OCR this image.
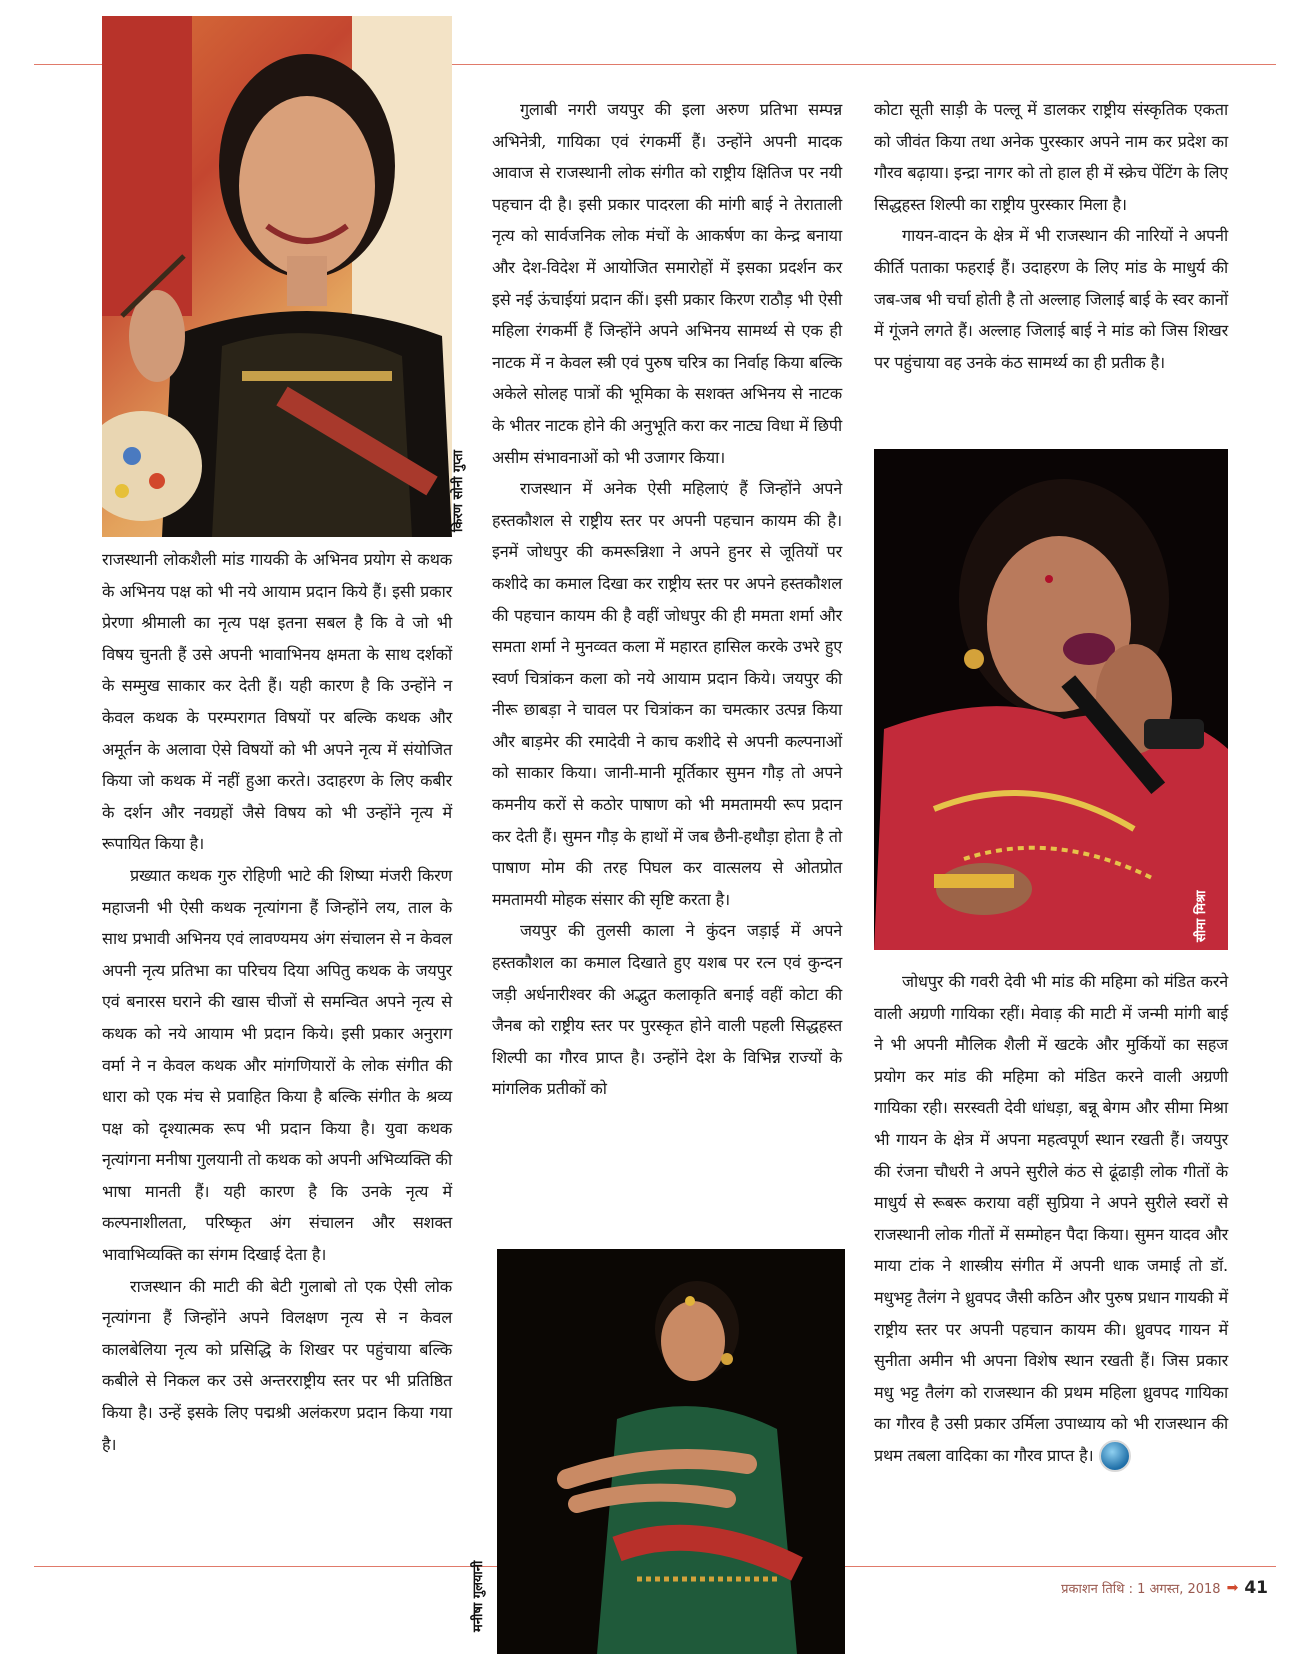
किरण सोनी गुप्ता
सीमा मिश्रा
मनीषा गुलयानी

राजस्थानी लोकशैली मांड गायकी के अभिनव प्रयोग से कथक के अभिनय पक्ष को भी नये आयाम प्रदान किये हैं। इसी प्रकार प्रेरणा श्रीमाली का नृत्य पक्ष इतना सबल है कि वे जो भी विषय चुनती हैं उसे अपनी भावाभिनय क्षमता के साथ दर्शकों के सम्मुख साकार कर देती हैं। यही कारण है कि उन्होंने न केवल कथक के परम्परागत विषयों पर बल्कि कथक और अमूर्तन के अलावा ऐसे विषयों को भी अपने नृत्य में संयोजित किया जो कथक में नहीं हुआ करते। उदाहरण के लिए कबीर के दर्शन और नवग्रहों जैसे विषय को भी उन्होंने नृत्य में रूपायित किया है।

प्रख्यात कथक गुरु रोहिणी भाटे की शिष्या मंजरी किरण महाजनी भी ऐसी कथक नृत्यांगना हैं जिन्होंने लय, ताल के साथ प्रभावी अभिनय एवं लावण्यमय अंग संचालन से न केवल अपनी नृत्य प्रतिभा का परिचय दिया अपितु कथक के जयपुर एवं बनारस घराने की खास चीजों से समन्वित अपने नृत्य से कथक को नये आयाम भी प्रदान किये। इसी प्रकार अनुराग वर्मा ने न केवल कथक और मांगणियारों के लोक संगीत की धारा को एक मंच से प्रवाहित किया है बल्कि संगीत के श्रव्य पक्ष को दृश्यात्मक रूप भी प्रदान किया है। युवा कथक नृत्यांगना मनीषा गुलयानी तो कथक को अपनी अभिव्यक्ति की भाषा मानती हैं। यही कारण है कि उनके नृत्य में कल्पनाशीलता, परिष्कृत अंग संचालन और सशक्त भावाभिव्यक्ति का संगम दिखाई देता है।

राजस्थान की माटी की बेटी गुलाबो तो एक ऐसी लोक नृत्यांगना हैं जिन्होंने अपने विलक्षण नृत्य से न केवल कालबेलिया नृत्य को प्रसिद्धि के शिखर पर पहुंचाया बल्कि कबीले से निकल कर उसे अन्तरराष्ट्रीय स्तर पर भी प्रतिष्ठित किया है। उन्हें इसके लिए पद्मश्री अलंकरण प्रदान किया गया है।

गुलाबी नगरी जयपुर की इला अरुण प्रतिभा सम्पन्न अभिनेत्री, गायिका एवं रंगकर्मी हैं। उन्होंने अपनी मादक आवाज से राजस्थानी लोक संगीत को राष्ट्रीय क्षितिज पर नयी पहचान दी है। इसी प्रकार पादरला की मांगी बाई ने तेराताली नृत्य को सार्वजनिक लोक मंचों के आकर्षण का केन्द्र बनाया और देश-विदेश में आयोजित समारोहों में इसका प्रदर्शन कर इसे नई ऊंचाईयां प्रदान कीं। इसी प्रकार किरण राठौड़ भी ऐसी महिला रंगकर्मी हैं जिन्होंने अपने अभिनय सामर्थ्य से एक ही नाटक में न केवल स्त्री एवं पुरुष चरित्र का निर्वाह किया बल्कि अकेले सोलह पात्रों की भूमिका के सशक्त अभिनय से नाटक के भीतर नाटक होने की अनुभूति करा कर नाट्य विधा में छिपी असीम संभावनाओं को भी उजागर किया।

राजस्थान में अनेक ऐसी महिलाएं हैं जिन्होंने अपने हस्तकौशल से राष्ट्रीय स्तर पर अपनी पहचान कायम की है। इनमें जोधपुर की कमरून्निशा ने अपने हुनर से जूतियों पर कशीदे का कमाल दिखा कर राष्ट्रीय स्तर पर अपने हस्तकौशल की पहचान कायम की है वहीं जोधपुर की ही ममता शर्मा और समता शर्मा ने मुनव्वत कला में महारत हासिल करके उभरे हुए स्वर्ण चित्रांकन कला को नये आयाम प्रदान किये। जयपुर की नीरू छाबड़ा ने चावल पर चित्रांकन का चमत्कार उत्पन्न किया और बाड़मेर की रमादेवी ने काच कशीदे से अपनी कल्पनाओं को साकार किया। जानी-मानी मूर्तिकार सुमन गौड़ तो अपने कमनीय करों से कठोर पाषाण को भी ममतामयी रूप प्रदान कर देती हैं। सुमन गौड़ के हाथों में जब छैनी-हथौड़ा होता है तो पाषाण मोम की तरह पिघल कर वात्सलय से ओतप्रोत ममतामयी मोहक संसार की सृष्टि करता है।

जयपुर की तुलसी काला ने कुंदन जड़ाई में अपने हस्तकौशल का कमाल दिखाते हुए यशब पर रत्न एवं कुन्दन जड़ी अर्धनारीश्वर की अद्भुत कलाकृति बनाई वहीं कोटा की जैनब को राष्ट्रीय स्तर पर पुरस्कृत होने वाली पहली सिद्धहस्त शिल्पी का गौरव प्राप्त है। उन्होंने देश के विभिन्न राज्यों के मांगलिक प्रतीकों को

कोटा सूती साड़ी के पल्लू में डालकर राष्ट्रीय संस्कृतिक एकता को जीवंत किया तथा अनेक पुरस्कार अपने नाम कर प्रदेश का गौरव बढ़ाया। इन्द्रा नागर को तो हाल ही में स्क्रेच पेंटिंग के लिए सिद्धहस्त शिल्पी का राष्ट्रीय पुरस्कार मिला है।

गायन-वादन के क्षेत्र में भी राजस्थान की नारियों ने अपनी कीर्ति पताका फहराई हैं। उदाहरण के लिए मांड के माधुर्य की जब-जब भी चर्चा होती है तो अल्लाह जिलाई बाई के स्वर कानों में गूंजने लगते हैं। अल्लाह जिलाई बाई ने मांड को जिस शिखर पर पहुंचाया वह उनके कंठ सामर्थ्य का ही प्रतीक है।

जोधपुर की गवरी देवी भी मांड की महिमा को मंडित करने वाली अग्रणी गायिका रहीं। मेवाड़ की माटी में जन्मी मांगी बाई ने भी अपनी मौलिक शैली में खटके और मुर्कियों का सहज प्रयोग कर मांड की महिमा को मंडित करने वाली अग्रणी गायिका रही। सरस्वती देवी धांधड़ा, बन्नू बेगम और सीमा मिश्रा भी गायन के क्षेत्र में अपना महत्वपूर्ण स्थान रखती हैं। जयपुर की रंजना चौधरी ने अपने सुरीले कंठ से ढूंढाड़ी लोक गीतों के माधुर्य से रूबरू कराया वहीं सुप्रिया ने अपने सुरीले स्वरों से राजस्थानी लोक गीतों में सम्मोहन पैदा किया। सुमन यादव और माया टांक ने शास्त्रीय संगीत में अपनी धाक जमाई तो डॉ. मधुभट्ट तैलंग ने ध्रुवपद जैसी कठिन और पुरुष प्रधान गायकी में राष्ट्रीय स्तर पर अपनी पहचान कायम की। ध्रुवपद गायन में सुनीता अमीन भी अपना विशेष स्थान रखती हैं। जिस प्रकार मधु भट्ट तैलंग को राजस्थान की प्रथम महिला ध्रुवपद गायिका का गौरव है उसी प्रकार उर्मिला उपाध्याय को भी राजस्थान की प्रथम तबला वादिका का गौरव प्राप्त है।

प्रकाशन तिथि : 1 अगस्त, 2018 ➡ 41
